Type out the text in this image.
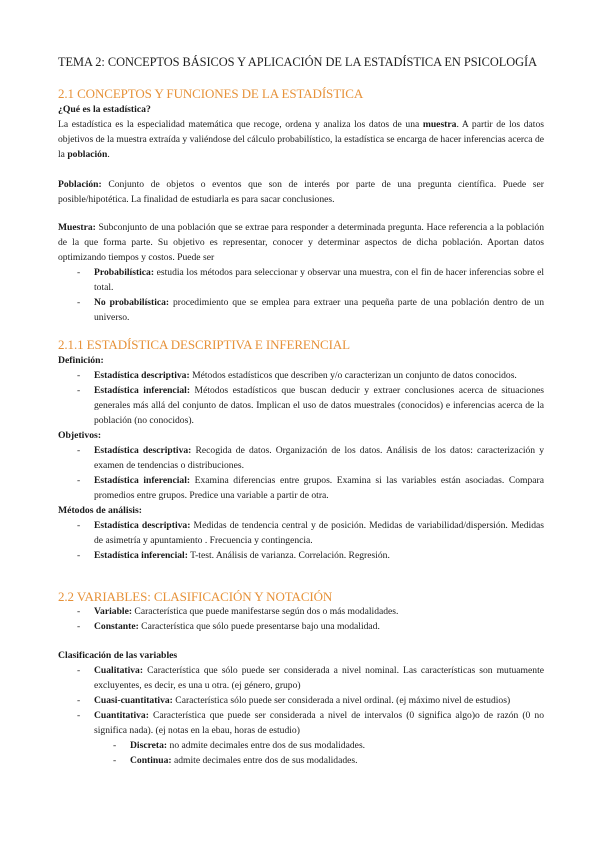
TEMA 2: CONCEPTOS BÁSICOS Y APLICACIÓN DE LA ESTADÍSTICA EN PSICOLOGÍA
2.1 CONCEPTOS Y FUNCIONES DE LA ESTADÍSTICA

¿Qué es la estadística?

La estadística es la especialidad matemática que recoge, ordena y analiza los datos de una muestra. A partir de los datos objetivos de la muestra extraída y valiéndose del cálculo probabilístico, la estadística se encarga de hacer inferencias acerca de la población.

Población: Conjunto de objetos o eventos que son de interés por parte de una pregunta científica. Puede ser posible/hipotética. La finalidad de estudiarla es para sacar conclusiones.

Muestra: Subconjunto de una población que se extrae para responder a determinada pregunta. Hace referencia a la población de la que forma parte. Su objetivo es representar, conocer y determinar aspectos de dicha población. Aportan datos optimizando tiempos y costos. Puede ser

- Probabilística: estudia los métodos para seleccionar y observar una muestra, con el fin de hacer inferencias sobre el total.
- No probabilística: procedimiento que se emplea para extraer una pequeña parte de una población dentro de un universo.
2.1.1 ESTADÍSTICA DESCRIPTIVA E INFERENCIAL

Definición:

- Estadística descriptiva: Métodos estadísticos que describen y/o caracterizan un conjunto de datos conocidos.
- Estadística inferencial: Métodos estadísticos que buscan deducir y extraer conclusiones acerca de situaciones generales más allá del conjunto de datos. Implican el uso de datos muestrales (conocidos) e inferencias acerca de la población (no conocidos).

Objetivos:

- Estadística descriptiva: Recogida de datos. Organización de los datos. Análisis de los datos: caracterización y examen de tendencias o distribuciones.
- Estadística inferencial: Examina diferencias entre grupos. Examina si las variables están asociadas. Compara promedios entre grupos. Predice una variable a partir de otra.

Métodos de análisis:

- Estadística descriptiva: Medidas de tendencia central y de posición. Medidas de variabilidad/dispersión. Medidas de asimetría y apuntamiento . Frecuencia y contingencia.
- Estadística inferencial: T-test. Análisis de varianza. Correlación. Regresión.
2.2 VARIABLES: CLASIFICACIÓN Y NOTACIÓN
- Variable: Característica que puede manifestarse según dos o más modalidades.
- Constante: Característica que sólo puede presentarse bajo una modalidad.

Clasificación de las variables

- Cualitativa: Característica que sólo puede ser considerada a nivel nominal. Las características son mutuamente excluyentes, es decir, es una u otra. (ej género, grupo)
- Cuasi-cuantitativa: Característica sólo puede ser considerada a nivel ordinal. (ej máximo nivel de estudios)
- Cuantitativa: Característica que puede ser considerada a nivel de intervalos (0 significa algo)o de razón (0 no significa nada). (ej notas en la ebau, horas de estudio)
- Discreta: no admite decimales entre dos de sus modalidades.
- Continua: admite decimales entre dos de sus modalidades.
